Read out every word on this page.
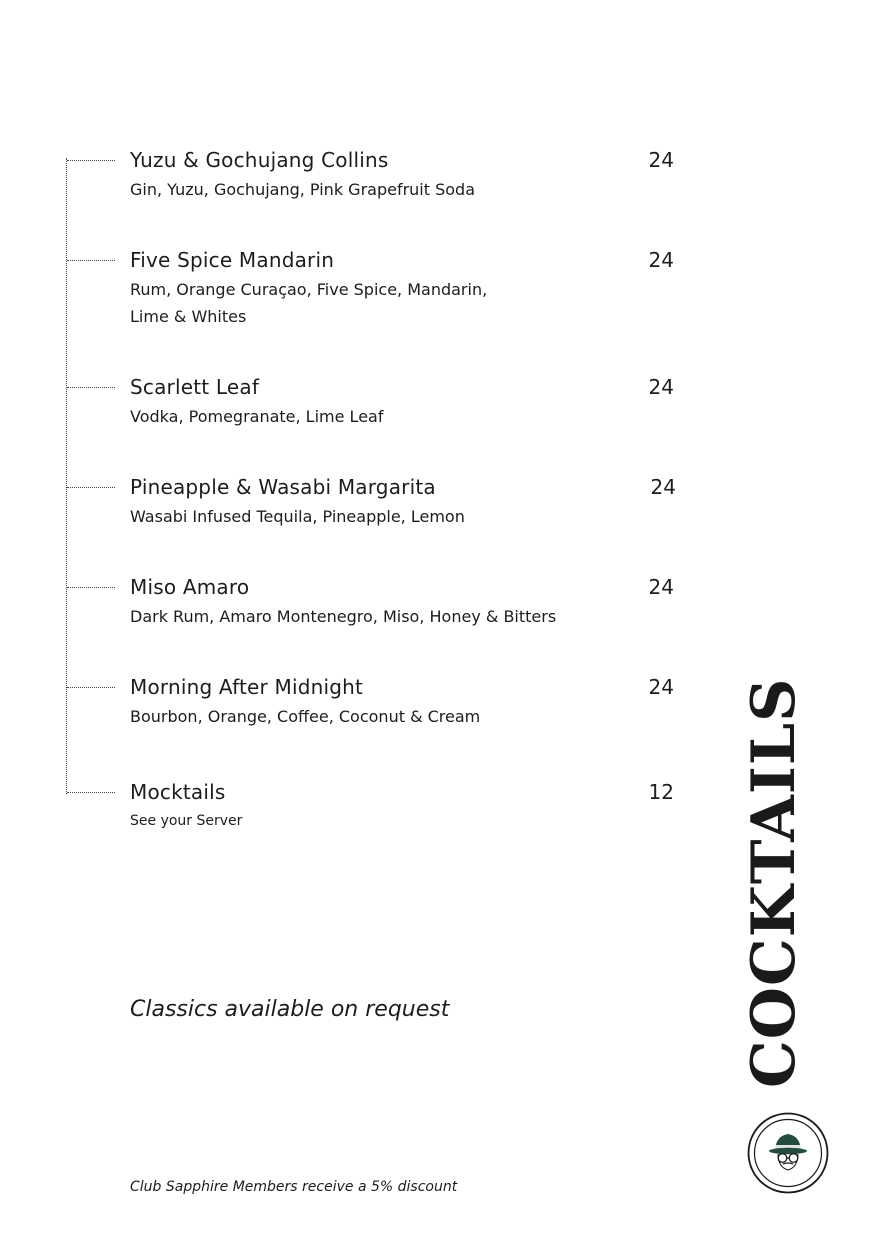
Yuzu & Gochujang Collins	24
Gin, Yuzu, Gochujang, Pink Grapefruit Soda
Five Spice Mandarin	24
Rum, Orange Curaçao, Five Spice, Mandarin,
Lime & Whites
Scarlett Leaf	24
Vodka, Pomegranate, Lime Leaf
Pineapple & Wasabi Margarita	24
Wasabi Infused Tequila, Pineapple, Lemon
Miso Amaro	24
Dark Rum, Amaro Montenegro, Miso, Honey & Bitters
Morning After Midnight	24
Bourbon, Orange, Coffee, Coconut & Cream
Mocktails	12
See your Server
Classics available on request
Club Sapphire Members receive a 5% discount
COCKTAILS
